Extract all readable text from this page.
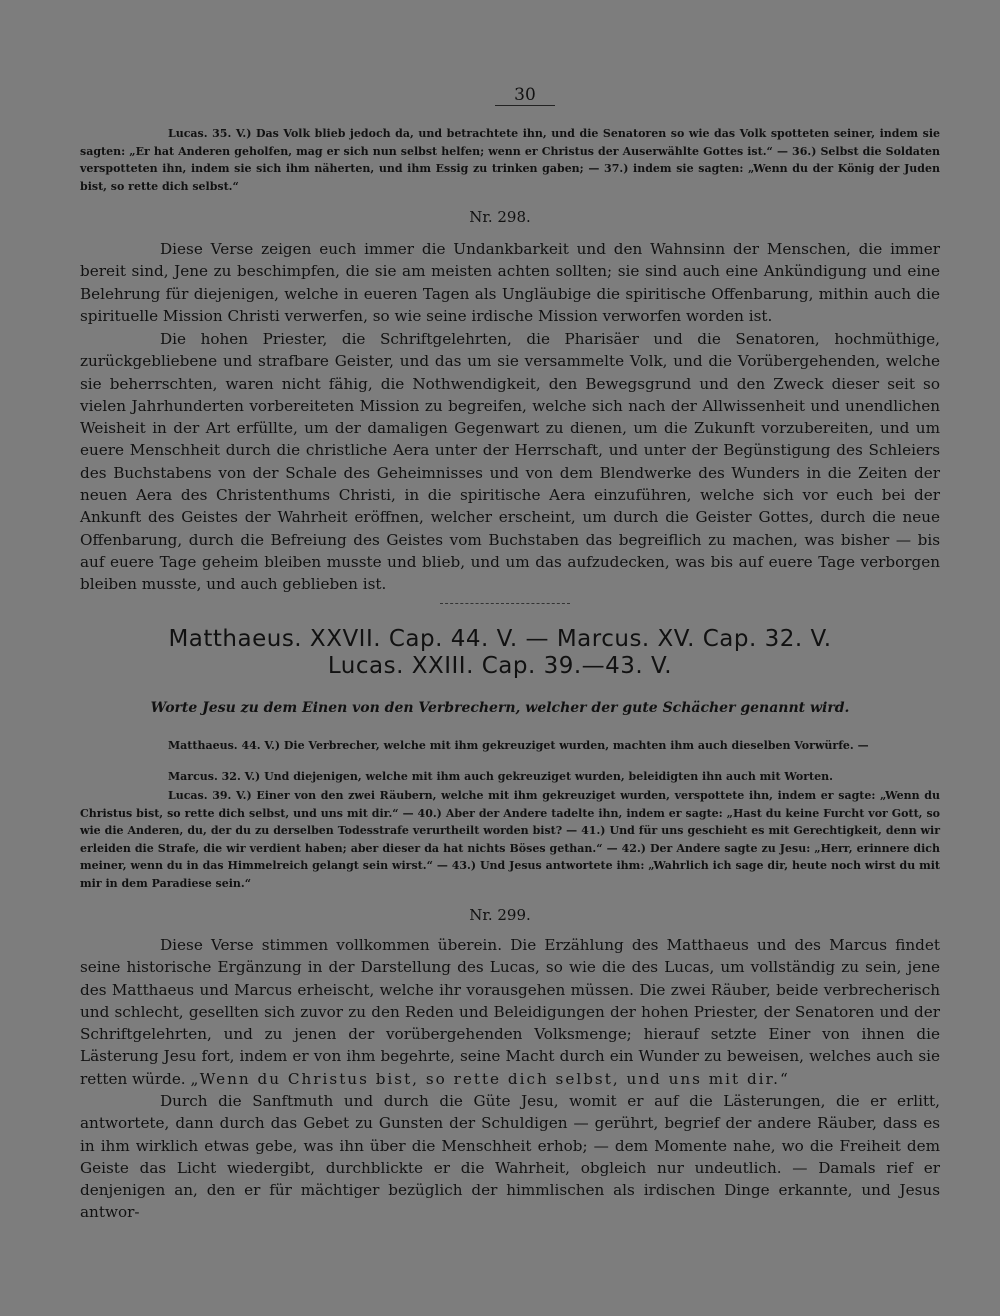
30

Lucas. 35. V.) Das Volk blieb jedoch da, und betrachtete ihn, und die Senatoren so wie das Volk spotteten seiner, indem sie sagten: „Er hat Anderen geholfen, mag er sich nun selbst helfen; wenn er Christus der Auserwählte Gottes ist.“ — 36.) Selbst die Soldaten verspotteten ihn, indem sie sich ihm näherten, und ihm Essig zu trinken gaben; — 37.) indem sie sagten: „Wenn du der König der Juden bist, so rette dich selbst.“

Nr. 298.

Diese Verse zeigen euch immer die Undankbarkeit und den Wahnsinn der Menschen, die immer bereit sind, Jene zu beschimpfen, die sie am meisten achten sollten; sie sind auch eine Ankündigung und eine Belehrung für diejenigen, welche in eueren Tagen als Ungläubige die spiritische Offenbarung, mithin auch die spirituelle Mission Christi verwerfen, so wie seine irdische Mission verworfen worden ist.

Die hohen Priester, die Schriftgelehrten, die Pharisäer und die Senatoren, hochmüthige, zurückgebliebene und strafbare Geister, und das um sie versammelte Volk, und die Vorübergehenden, welche sie beherrschten, waren nicht fähig, die Nothwendigkeit, den Bewegsgrund und den Zweck dieser seit so vielen Jahrhunderten vorbereiteten Mission zu begreifen, welche sich nach der Allwissenheit und unendlichen Weisheit in der Art erfüllte, um der damaligen Gegenwart zu dienen, um die Zukunft vorzubereiten, und um euere Menschheit durch die christliche Aera unter der Herrschaft, und unter der Begünstigung des Schleiers des Buchstabens von der Schale des Geheimnisses und von dem Blendwerke des Wunders in die Zeiten der neuen Aera des Christenthums Christi, in die spiritische Aera einzuführen, welche sich vor euch bei der Ankunft des Geistes der Wahrheit eröffnen, welcher erscheint, um durch die Geister Gottes, durch die neue Offenbarung, durch die Befreiung des Geistes vom Buchstaben das begreiflich zu machen, was bisher — bis auf euere Tage geheim bleiben musste und blieb, und um das aufzudecken, was bis auf euere Tage verborgen bleiben musste, und auch geblieben ist.

Matthaeus. XXVII. Cap. 44. V. — Marcus. XV. Cap. 32. V.
Lucas. XXIII. Cap. 39.—43. V.
Worte Jesu zu dem Einen von den Verbrechern, welcher der gute Schächer genannt wird.

Matthaeus. 44. V.) Die Verbrecher, welche mit ihm gekreuziget wurden, machten ihm auch dieselben Vorwürfe. —

Marcus. 32. V.) Und diejenigen, welche mit ihm auch gekreuziget wurden, beleidigten ihn auch mit Worten.

Lucas. 39. V.) Einer von den zwei Räubern, welche mit ihm gekreuziget wurden, verspottete ihn, indem er sagte: „Wenn du Christus bist, so rette dich selbst, und uns mit dir.“ — 40.) Aber der Andere tadelte ihn, indem er sagte: „Hast du keine Furcht vor Gott, so wie die Anderen, du, der du zu derselben Todesstrafe verurtheilt worden bist? — 41.) Und für uns geschieht es mit Gerechtigkeit, denn wir erleiden die Strafe, die wir verdient haben; aber dieser da hat nichts Böses gethan.“ — 42.) Der Andere sagte zu Jesu: „Herr, erinnere dich meiner, wenn du in das Himmelreich gelangt sein wirst.“ — 43.) Und Jesus antwortete ihm: „Wahrlich ich sage dir, heute noch wirst du mit mir in dem Paradiese sein.“

Nr. 299.

Diese Verse stimmen vollkommen überein. Die Erzählung des Matthaeus und des Marcus findet seine historische Ergänzung in der Darstellung des Lucas, so wie die des Lucas, um vollständig zu sein, jene des Matthaeus und Marcus erheischt, welche ihr vorausgehen müssen. Die zwei Räuber, beide verbrecherisch und schlecht, gesellten sich zuvor zu den Reden und Beleidigungen der hohen Priester, der Senatoren und der Schriftgelehrten, und zu jenen der vorübergehenden Volksmenge; hierauf setzte Einer von ihnen die Lästerung Jesu fort, indem er von ihm begehrte, seine Macht durch ein Wunder zu beweisen, welches auch sie retten würde. „Wenn du Christus bist, so rette dich selbst, und uns mit dir.“

Durch die Sanftmuth und durch die Güte Jesu, womit er auf die Lästerungen, die er erlitt, antwortete, dann durch das Gebet zu Gunsten der Schuldigen — gerührt, begrief der andere Räuber, dass es in ihm wirklich etwas gebe, was ihn über die Menschheit erhob; — dem Momente nahe, wo die Freiheit dem Geiste das Licht wiedergibt, durchblickte er die Wahrheit, obgleich nur undeutlich. — Damals rief er denjenigen an, den er für mächtiger bezüglich der himmlischen als irdischen Dinge erkannte, und Jesus antwor-
